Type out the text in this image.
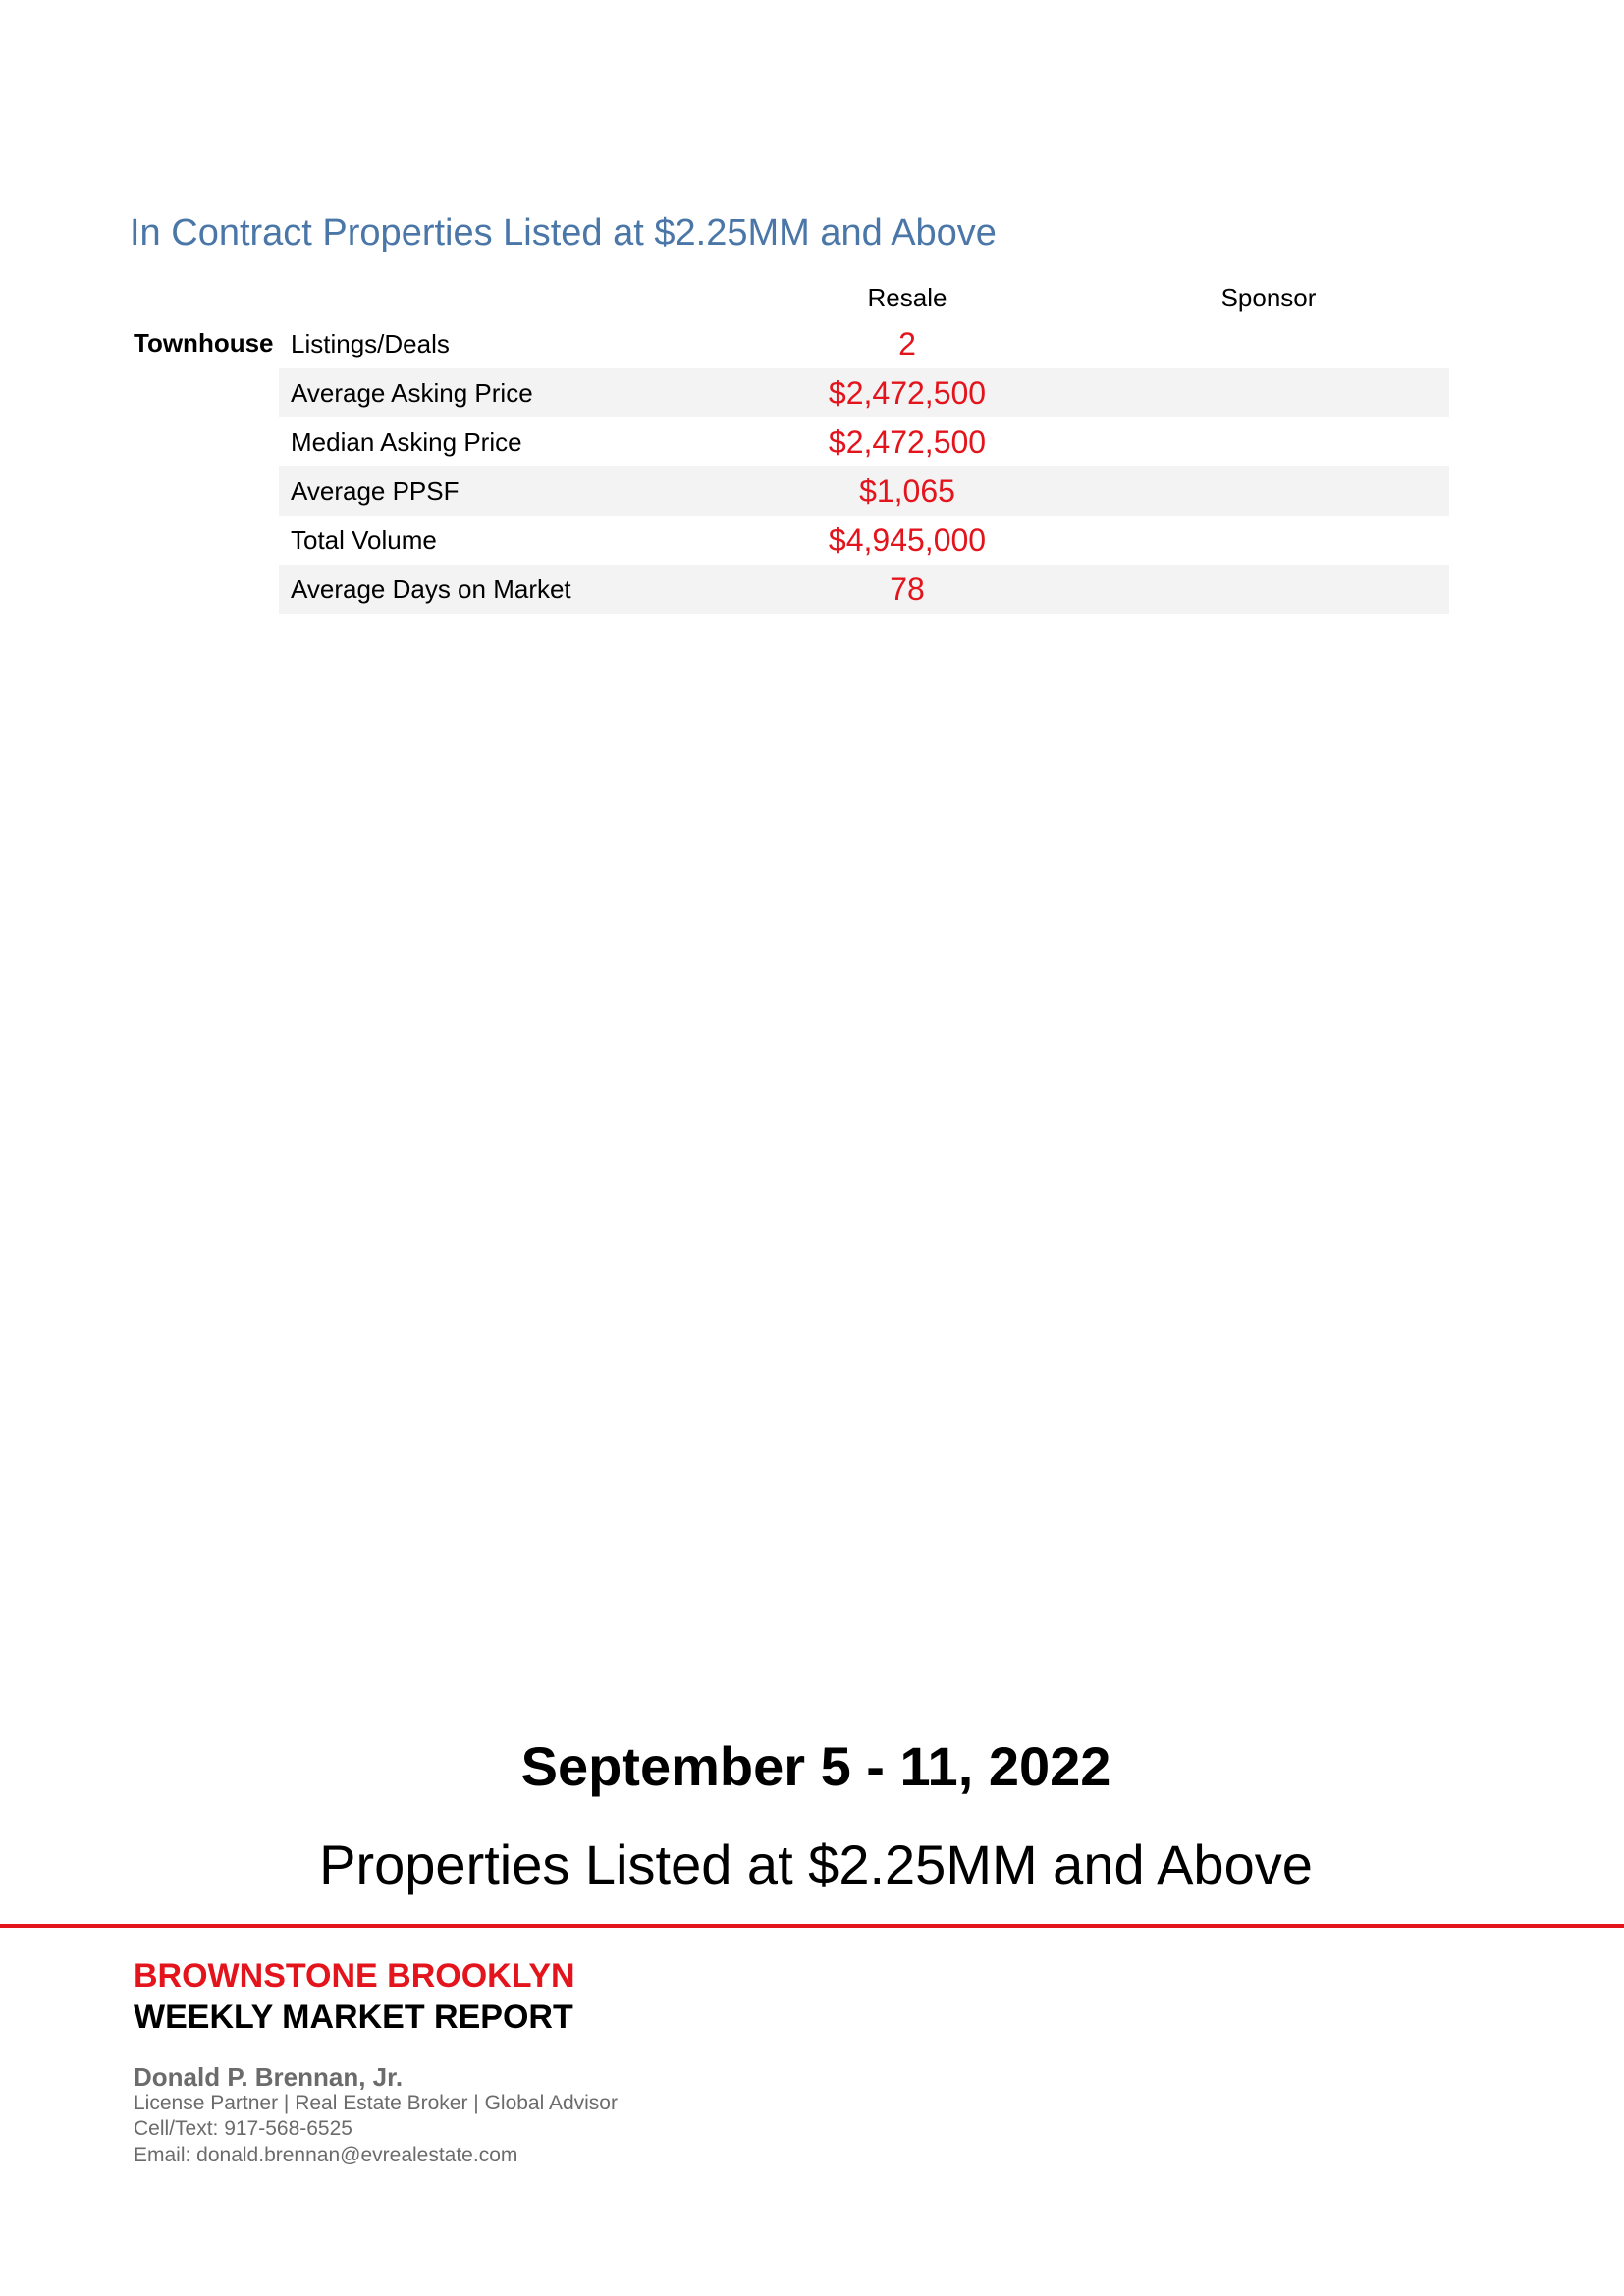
In Contract Properties Listed at $2.25MM and Above
Resale	Sponsor
Townhouse Listings/Deals	2
Average Asking Price	$2,472,500
Median Asking Price	$2,472,500
Average PPSF	$1,065
Total Volume	$4,945,000
Average Days on Market	78
September 5 - 11, 2022
Properties Listed at $2.25MM and Above
BROWNSTONE BROOKLYN
WEEKLY MARKET REPORT
Donald P. Brennan, Jr.
License Partner | Real Estate Broker | Global Advisor
Cell/Text: 917-568-6525
Email: donald.brennan@evrealestate.com
